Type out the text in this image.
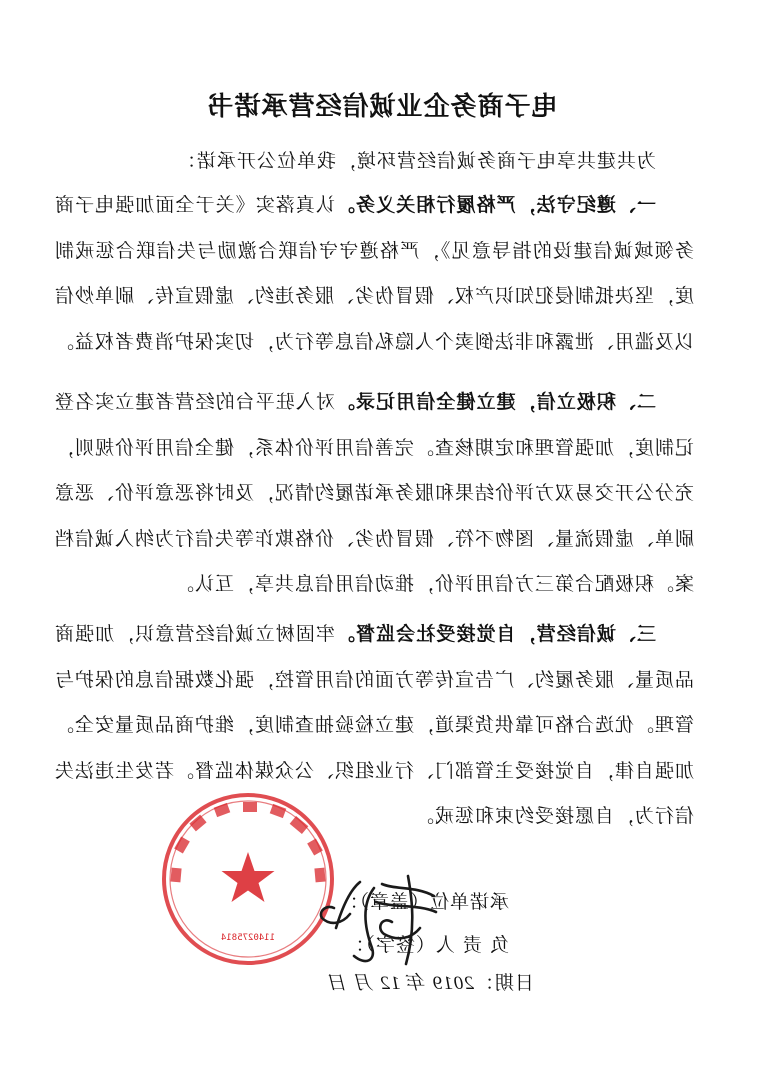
电子商务企业诚信经营承诺书
为共建共享电子商务诚信经营环境，我单位公开承诺：
一、遵纪守法，严格履行相关义务。认真落实《关于全面加强电子商务领域诚信建设的指导意见》，严格遵守守信联合激励与失信联合惩戒制度，坚决抵制侵犯知识产权、假冒伪劣、服务违约、虚假宣传、刷单炒信以及滥用、泄露和非法倒卖个人隐私信息等行为，切实保护消费者权益。
二、积极立信，建立健全信用记录。对入驻平台的经营者建立实名登记制度，加强管理和定期核查。完善信用评价体系，健全信用评价规则，充分公开交易双方评价结果和服务承诺履约情况，及时将恶意评价、恶意刷单、虚假流量、图物不符、假冒伪劣、价格欺诈等失信行为纳入诚信档案。积极配合第三方信用评价，推动信用信息共享，互认。
三、诚信经营，自觉接受社会监督。牢固树立诚信经营意识，加强商品质量、服务履约、广告宣传等方面的信用管控，强化数据信息的保护与管理。优选合格可靠供货渠道，建立检验抽查制度，维护商品质量安全。加强自律，自觉接受主管部门、行业组织、公众媒体监督。若发生违法失信行为，自愿接受约束和惩戒。
承诺单位（盖章）：
负 责 人（签字）：
日期：2019 年 12 月 日
1140275814
